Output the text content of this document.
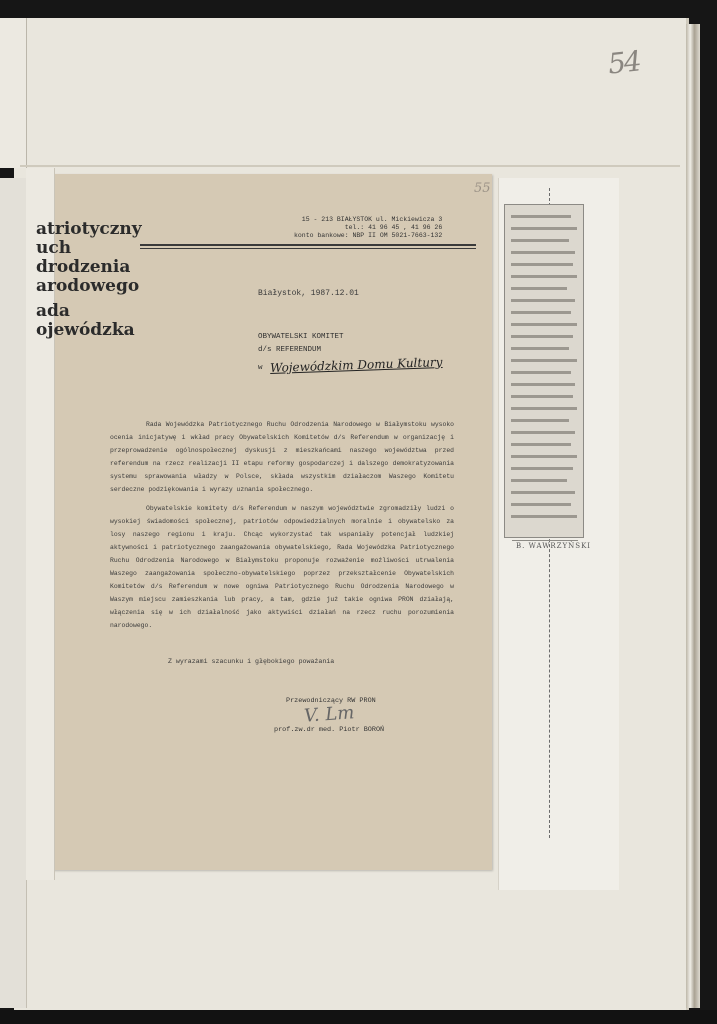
54
B. WAWRZYŃSKI
55
atriotyczny
uch
drodzenia
arodowego
ada
ojewódzka
15 - 213 BIAŁYSTOK ul. Mickiewicza 3
tel.: 41 96 45 , 41 96 26
konto bankowe: NBP II OM 5021-7663-132
Białystok, 1987.12.01
OBYWATELSKI KOMITET
d/s REFERENDUM
w Wojewódzkim Domu Kultury

Rada Wojewódzka Patriotycznego Ruchu Odrodzenia Narodowego w Białymstoku wysoko ocenia inicjatywę i wkład pracy Obywatelskich Komitetów d/s Referendum w organizację i przeprowadzenie ogólnospołecznej dyskusji z mieszkańcami naszego województwa przed referendum na rzecz realizacji II etapu reformy gospodarczej i dalszego demokratyzowania systemu sprawowania władzy w Polsce, składa wszystkim działaczom Waszego Komitetu serdeczne podziękowania i wyrazy uznania społecznego.

Obywatelskie komitety d/s Referendum w naszym województwie zgromadziły ludzi o wysokiej świadomości społecznej, patriotów odpowiedzialnych moralnie i obywatelsko za losy naszego regionu i kraju. Chcąc wykorzystać tak wspaniały potencjał ludzkiej aktywności i patriotycznego zaangażowania obywatelskiego, Rada Wojewódzka Patriotycznego Ruchu Odrodzenia Narodowego w Białymstoku proponuje rozważenie możliwości utrwalenia Waszego zaangażowania społeczno-obywatelskiego poprzez przekształcenie Obywatelskich Komitetów d/s Referendum w nowe ogniwa Patriotycznego Ruchu Odrodzenia Narodowego w Waszym miejscu zamieszkania lub pracy, a tam, gdzie już takie ogniwa PRON działają, włączenia się w ich działalność jako aktywiści działań na rzecz ruchu porozumienia narodowego.

Z wyrazami szacunku i głębokiego poważania
Przewodniczący RW PRON
V. Lm
prof.zw.dr med. Piotr BOROŃ
